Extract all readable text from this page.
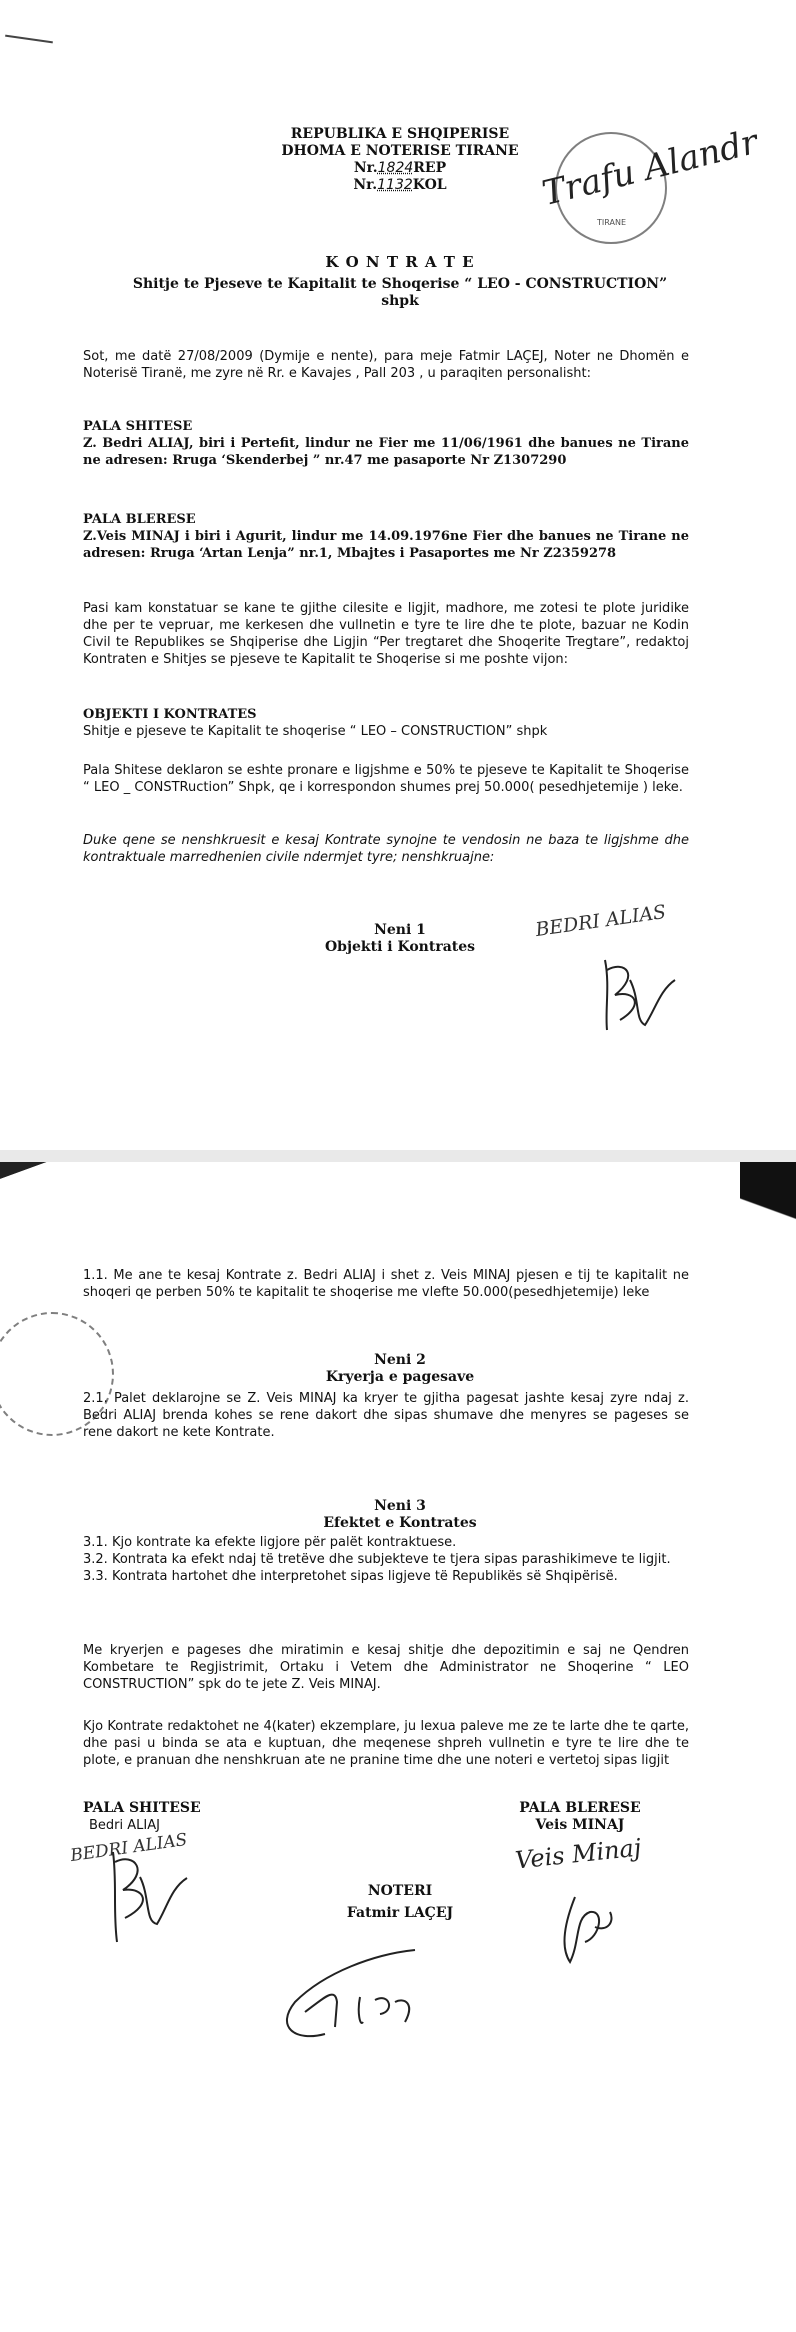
REPUBLIKA E SHQIPERISE
DHOMA E NOTERISE TIRANE
Nr.1824REP
Nr.1132KOL
TIRANE
Trafu Alandr
K O N T R A T E
Shitje te Pjeseve te Kapitalit te Shoqerise “ LEO - CONSTRUCTION”
shpk
Sot, me datë 27/08/2009 (Dymije e nente), para meje Fatmir LAÇEJ, Noter ne Dhomën e Noterisë Tiranë, me zyre në Rr. e Kavajes , Pall 203 , u paraqiten personalisht:
PALA SHITESE
Z. Bedri ALIAJ, biri i Pertefit, lindur ne Fier me 11/06/1961 dhe banues ne Tirane ne adresen: Rruga ‘Skenderbej ” nr.47 me pasaporte Nr Z1307290
PALA BLERESE
Z.Veis MINAJ i biri i Agurit, lindur me 14.09.1976ne Fier dhe banues ne Tirane ne adresen: Rruga ‘Artan Lenja” nr.1, Mbajtes i Pasaportes me Nr Z2359278
Pasi kam konstatuar se kane te gjithe cilesite e ligjit, madhore, me zotesi te plote juridike dhe per te vepruar, me kerkesen dhe vullnetin e tyre te lire dhe te plote, bazuar ne Kodin Civil te Republikes se Shqiperise dhe Ligjin “Per tregtaret dhe Shoqerite Tregtare”, redaktoj Kontraten e Shitjes se pjeseve te Kapitalit te Shoqerise si me poshte vijon:
OBJEKTI I KONTRATES
Shitje e pjeseve te Kapitalit te shoqerise “ LEO – CONSTRUCTION” shpk
Pala Shitese deklaron se eshte pronare e ligjshme e 50% te pjeseve te Kapitalit te Shoqerise “ LEO _ CONSTRuction” Shpk, qe i korrespondon shumes prej 50.000( pesedhjetemije ) leke.
Duke qene se nenshkruesit e kesaj Kontrate synojne te vendosin ne baza te ligjshme dhe kontraktuale marredhenien civile ndermjet tyre; nenshkruajne:
Neni 1
Objekti i Kontrates
BEDRI ALIAS
1.1. Me ane te kesaj Kontrate z. Bedri ALIAJ i shet z. Veis MINAJ pjesen e tij te kapitalit ne shoqeri qe perben 50% te kapitalit te shoqerise me vlefte 50.000(pesedhjetemije) leke
Neni 2
Kryerja e pagesave
2.1. Palet deklarojne se Z. Veis MINAJ ka kryer te gjitha pagesat jashte kesaj zyre ndaj z. Bedri ALIAJ brenda kohes se rene dakort dhe sipas shumave dhe menyres se pageses se rene dakort ne kete Kontrate.
Neni 3
Efektet e Kontrates
3.1. Kjo kontrate ka efekte ligjore për palët kontraktuese.
3.2. Kontrata ka efekt ndaj të tretëve dhe subjekteve te tjera sipas parashikimeve te ligjit.
3.3. Kontrata hartohet dhe interpretohet sipas ligjeve të Republikës së Shqipërisë.
Me kryerjen e pageses dhe miratimin e kesaj shitje dhe depozitimin e saj ne Qendren Kombetare te Regjistrimit, Ortaku i Vetem dhe Administrator ne Shoqerine “ LEO CONSTRUCTION” spk do te jete Z. Veis MINAJ.
Kjo Kontrate redaktohet ne 4(kater) ekzemplare, ju lexua paleve me ze te larte dhe te qarte, dhe pasi u binda se ata e kuptuan, dhe meqenese shpreh vullnetin e tyre te lire dhe te plote, e pranuan dhe nenshkruan ate ne pranine time dhe une noteri e vertetoj sipas ligjit
PALA SHITESE
Bedri ALIAJ
BEDRI ALIAS
PALA BLERESE
Veis MINAJ
Veis Minaj
NOTERI
Fatmir LAÇEJ
